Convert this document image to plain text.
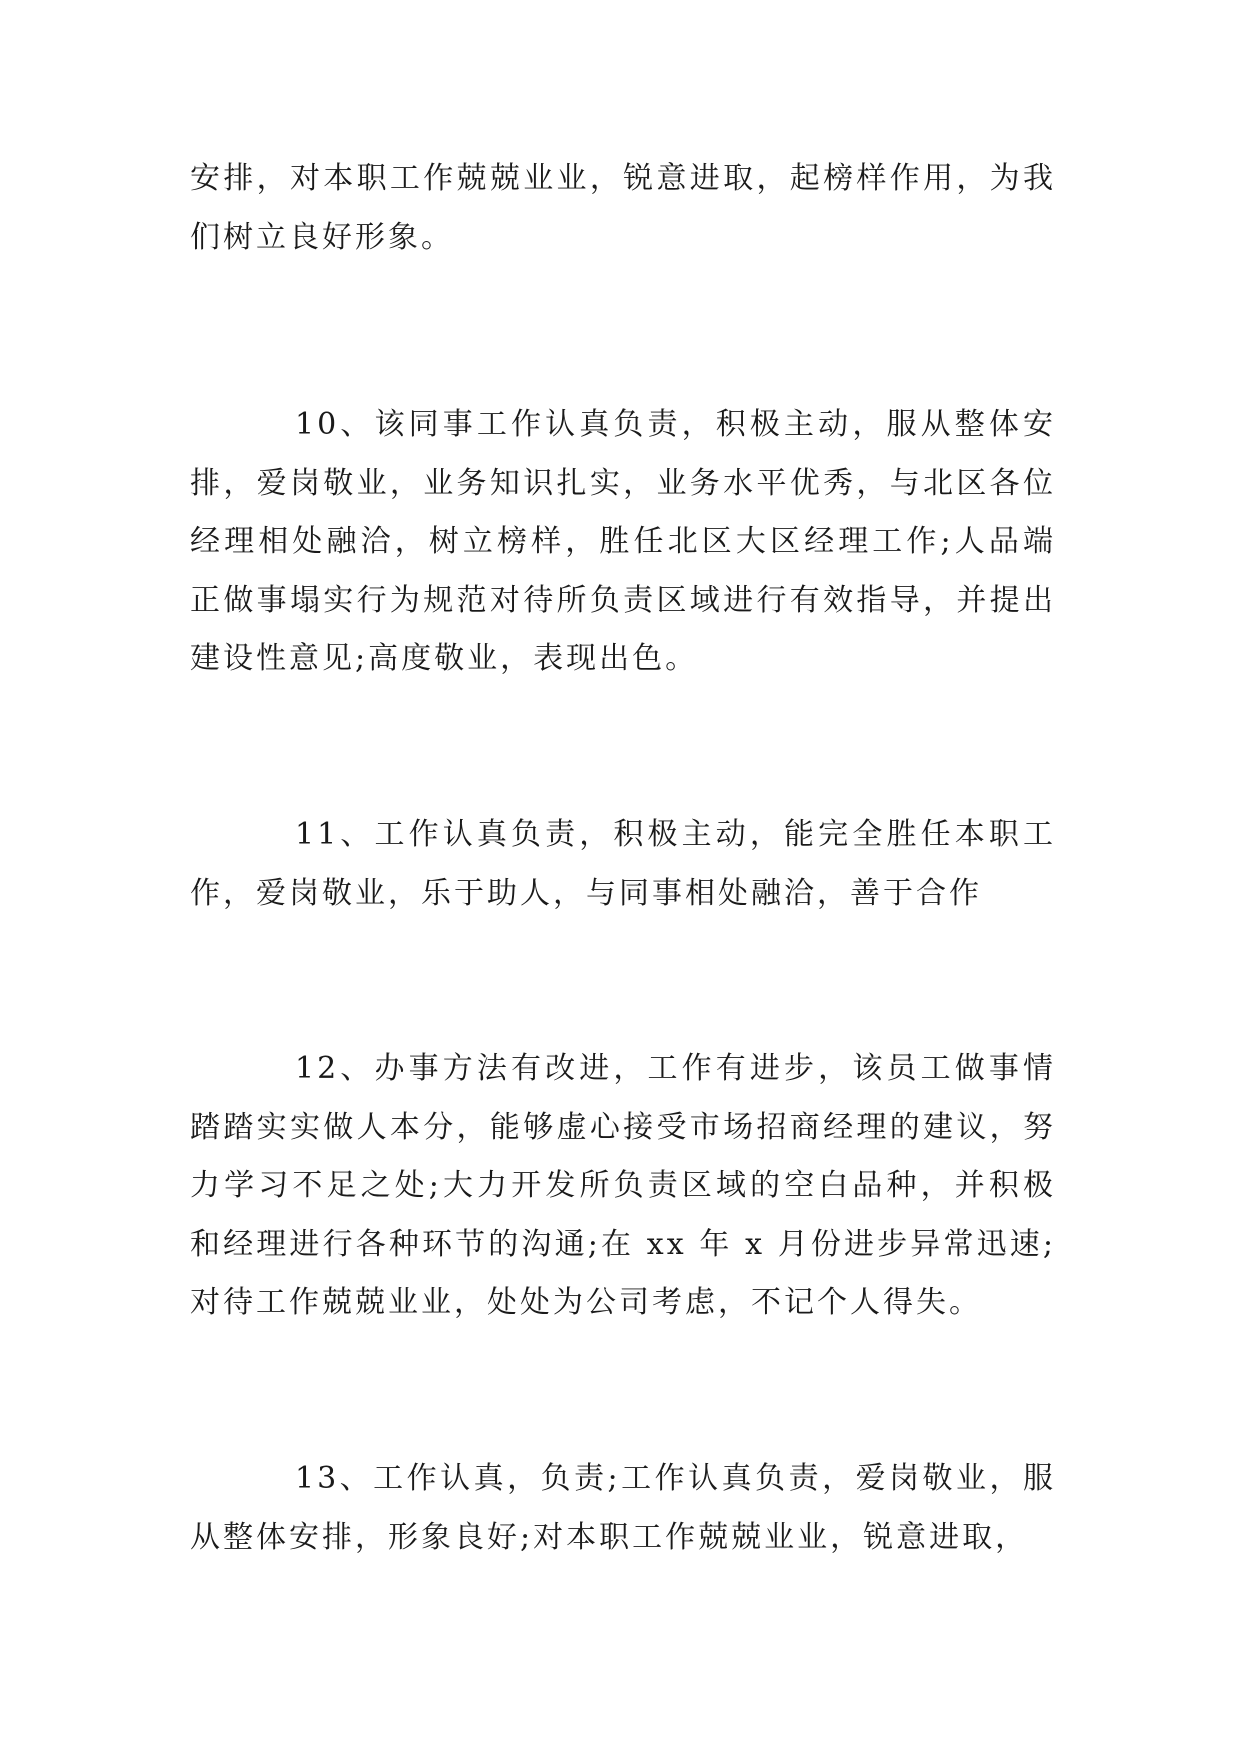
安排，对本职工作兢兢业业，锐意进取，起榜样作用，为我们树立良好形象。

10、该同事工作认真负责，积极主动，服从整体安排，爱岗敬业，业务知识扎实，业务水平优秀，与北区各位经理相处融洽，树立榜样，胜任北区大区经理工作;人品端正做事塌实行为规范对待所负责区域进行有效指导，并提出建设性意见;高度敬业，表现出色。

11、工作认真负责，积极主动，能完全胜任本职工作，爱岗敬业，乐于助人，与同事相处融洽，善于合作

12、办事方法有改进，工作有进步，该员工做事情踏踏实实做人本分，能够虚心接受市场招商经理的建议，努力学习不足之处;大力开发所负责区域的空白品种，并积极和经理进行各种环节的沟通;在 xx 年 x 月份进步异常迅速;对待工作兢兢业业，处处为公司考虑，不记个人得失。

13、工作认真，负责;工作认真负责，爱岗敬业，服从整体安排，形象良好;对本职工作兢兢业业，锐意进取，
